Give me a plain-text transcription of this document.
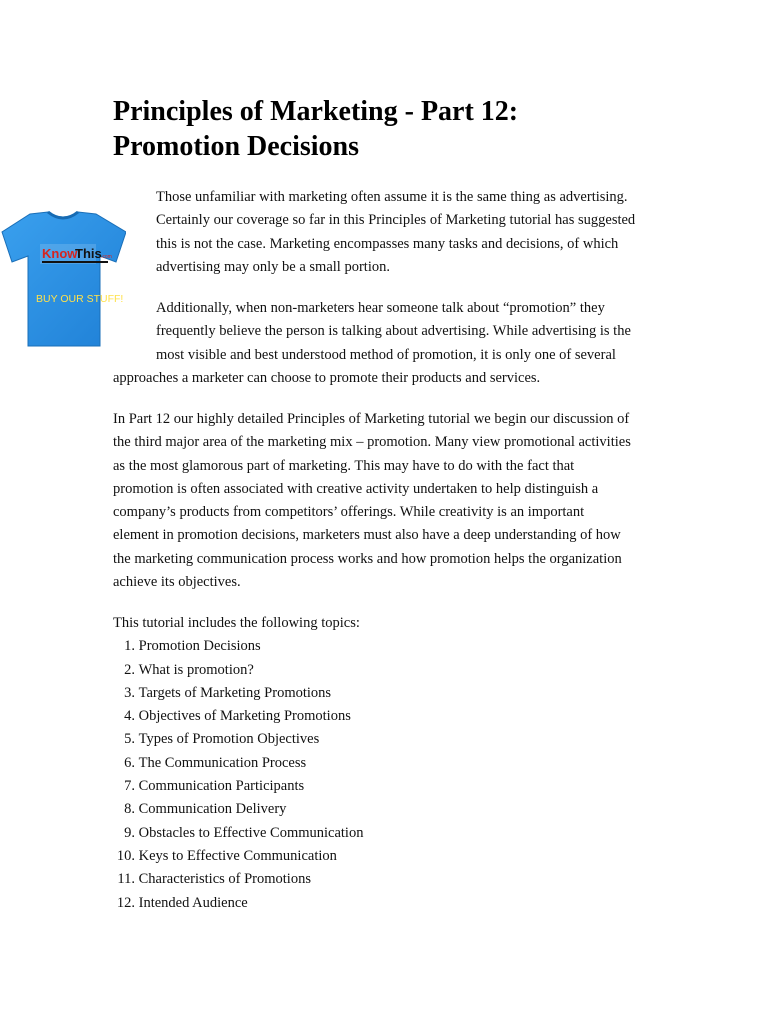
Principles of Marketing - Part 12:
Promotion Decisions
Know
This .com
BUY OUR STUFF!

Those unfamiliar with marketing often assume it is the same thing as advertising.
Certainly our coverage so far in this Principles of Marketing tutorial has suggested
this is not the case. Marketing encompasses many tasks and decisions, of which
advertising may only be a small portion.

Additionally, when non-marketers hear someone talk about “promotion” they
frequently believe the person is talking about advertising. While advertising is the
most visible and best understood method of promotion, it is only one of several
approaches a marketer can choose to promote their products and services.

In Part 12 our highly detailed Principles of Marketing tutorial we begin our discussion of
the third major area of the marketing mix – promotion. Many view promotional activities
as the most glamorous part of marketing. This may have to do with the fact that
promotion is often associated with creative activity undertaken to help distinguish a
company’s products from competitors’ offerings. While creativity is an important
element in promotion decisions, marketers must also have a deep understanding of how
the marketing communication process works and how promotion helps the organization
achieve its objectives.

This tutorial includes the following topics:
1.
Promotion Decisions
2.
What is promotion?
3.
Targets of Marketing Promotions
4.
Objectives of Marketing Promotions
5.
Types of Promotion Objectives
6.
The Communication Process
7.
Communication Participants
8.
Communication Delivery
9.
Obstacles to Effective Communication
10.
Keys to Effective Communication
11.
Characteristics of Promotions
12.
Intended Audience
